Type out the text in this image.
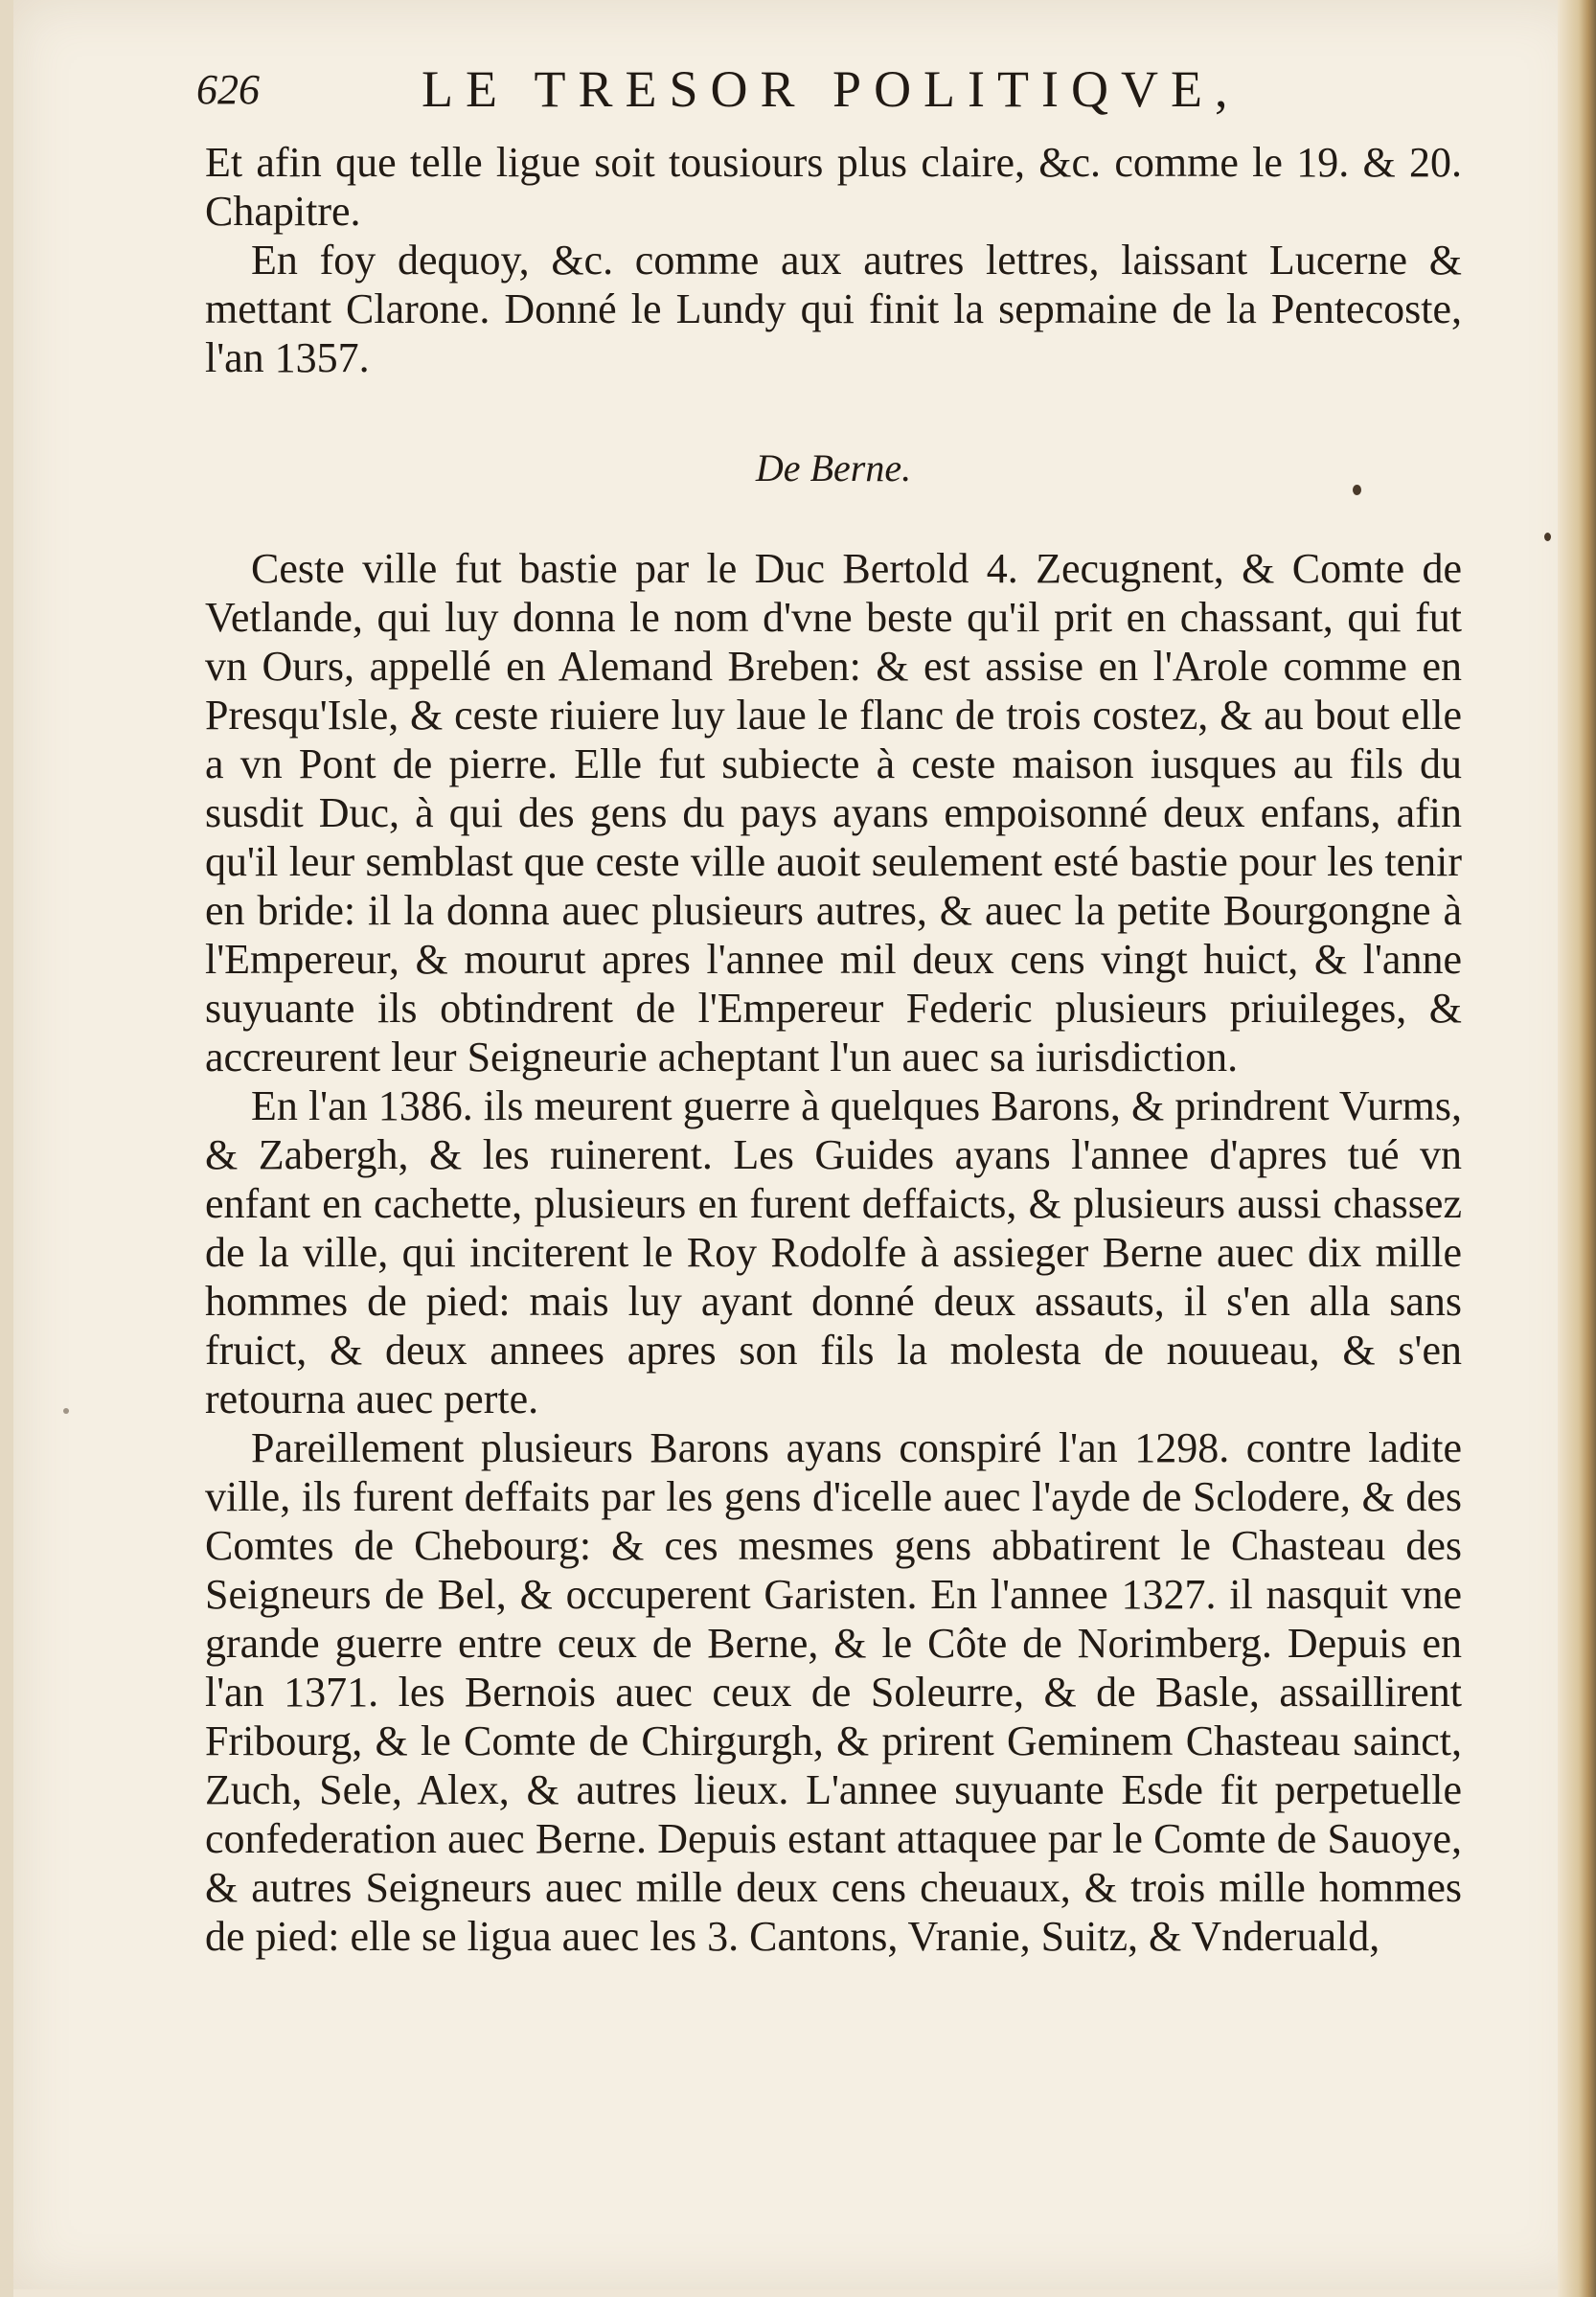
626	LE TRESOR POLITIQVE,

Et afin que telle ligue soit tousiours plus claire, &c. comme le 19. & 20. Chapitre.

En foy dequoy, &c. comme aux autres lettres, laissant Lucerne & mettant Clarone. Donné le Lundy qui finit la sepmaine de la Pentecoste, l'an 1357.

De Berne.

Ceste ville fut bastie par le Duc Bertold 4. Zecugnent, & Comte de Vetlande, qui luy donna le nom d'vne beste qu'il prit en chassant, qui fut vn Ours, appellé en Alemand Breben: & est assise en l'Arole comme en Presqu'Isle, & ceste riuiere luy laue le flanc de trois costez, & au bout elle a vn Pont de pierre. Elle fut subiecte à ceste maison iusques au fils du susdit Duc, à qui des gens du pays ayans empoisonné deux enfans, afin qu'il leur semblast que ceste ville auoit seulement esté bastie pour les tenir en bride: il la donna auec plusieurs autres, & auec la petite Bourgongne à l'Empereur, & mourut apres l'annee mil deux cens vingt huict, & l'anne suyuante ils obtindrent de l'Empereur Federic plusieurs priuileges, & accreurent leur Seigneurie acheptant l'un auec sa iurisdiction.

En l'an 1386. ils meurent guerre à quelques Barons, & prindrent Vurms, & Zabergh, & les ruinerent. Les Guides ayans l'annee d'apres tué vn enfant en cachette, plusieurs en furent deffaicts, & plusieurs aussi chassez de la ville, qui inciterent le Roy Rodolfe à assieger Berne auec dix mille hommes de pied: mais luy ayant donné deux assauts, il s'en alla sans fruict, & deux annees apres son fils la molesta de nouueau, & s'en retourna auec perte.

Pareillement plusieurs Barons ayans conspiré l'an 1298. contre ladite ville, ils furent deffaits par les gens d'icelle auec l'ayde de Sclodere, & des Comtes de Chebourg: & ces mesmes gens abbatirent le Chasteau des Seigneurs de Bel, & occuperent Garisten. En l'annee 1327. il nasquit vne grande guerre entre ceux de Berne, & le Côte de Norimberg. Depuis en l'an 1371. les Bernois auec ceux de Soleurre, & de Basle, assaillirent Fribourg, & le Comte de Chirgurgh, & prirent Geminem Chasteau sainct, Zuch, Sele, Alex, & autres lieux. L'annee suyuante Esde fit perpetuelle confederation auec Berne. Depuis estant attaquee par le Comte de Sauoye, & autres Seigneurs auec mille deux cens cheuaux, & trois mille hommes de pied: elle se ligua auec les 3. Cantons, Vranie, Suitz, & Vnderuald,
